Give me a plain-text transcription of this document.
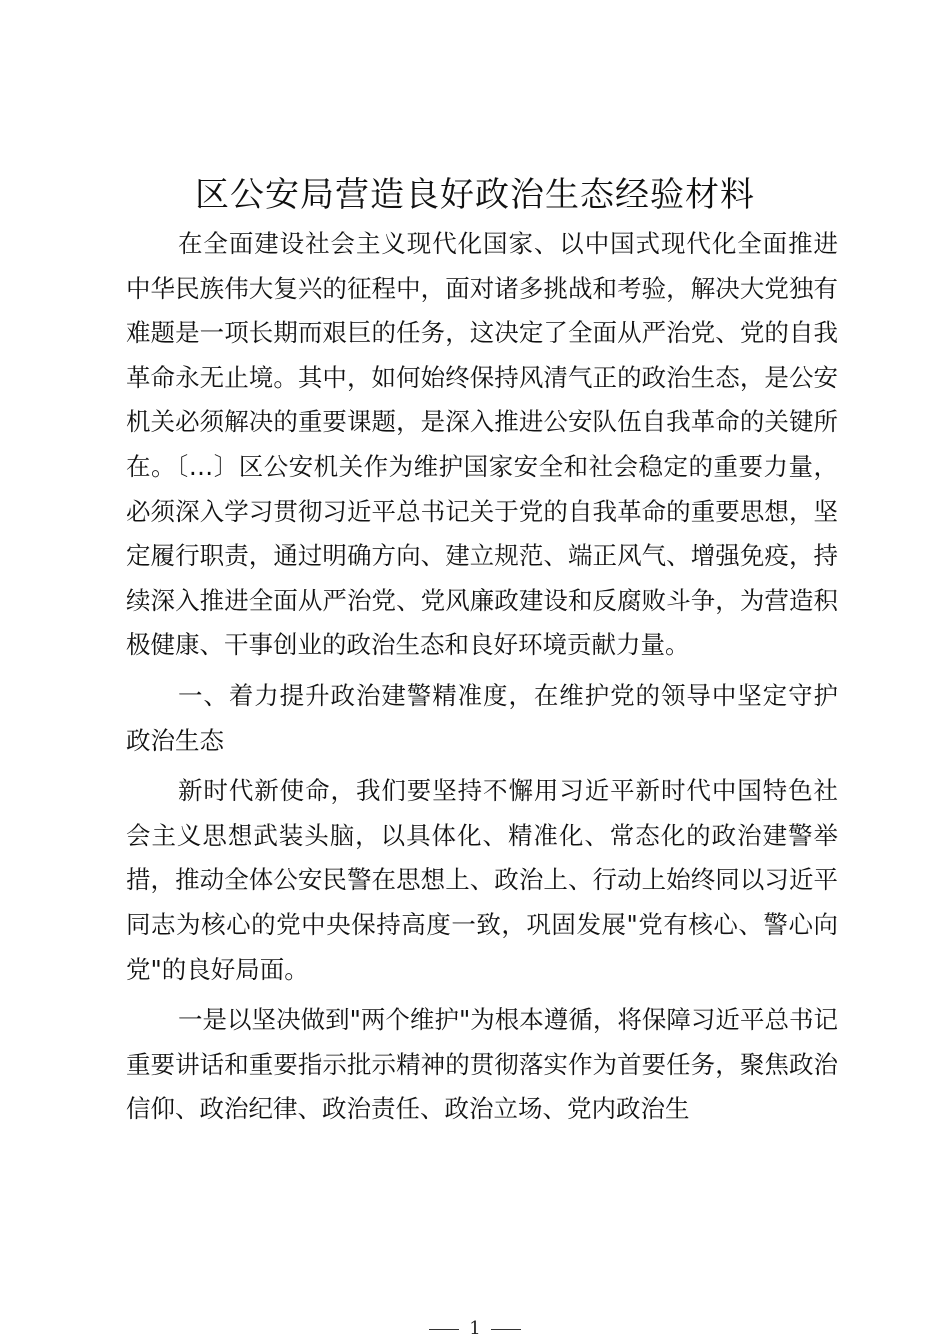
区公安局营造良好政治生态经验材料

在全面建设社会主义现代化国家、以中国式现代化全面推进中华民族伟大复兴的征程中，面对诸多挑战和考验，解决大党独有难题是一项长期而艰巨的任务，这决定了全面从严治党、党的自我革命永无止境。其中，如何始终保持风清气正的政治生态，是公安机关必须解决的重要课题，是深入推进公安队伍自我革命的关键所在。〔…〕区公安机关作为维护国家安全和社会稳定的重要力量，必须深入学习贯彻习近平总书记关于党的自我革命的重要思想，坚定履行职责，通过明确方向、建立规范、端正风气、增强免疫，持续深入推进全面从严治党、党风廉政建设和反腐败斗争，为营造积极健康、干事创业的政治生态和良好环境贡献力量。

一、着力提升政治建警精准度，在维护党的领导中坚定守护政治生态

新时代新使命，我们要坚持不懈用习近平新时代中国特色社会主义思想武装头脑，以具体化、精准化、常态化的政治建警举措，推动全体公安民警在思想上、政治上、行动上始终同以习近平同志为核心的党中央保持高度一致，巩固发展"党有核心、警心向党"的良好局面。

一是以坚决做到"两个维护"为根本遵循，将保障习近平总书记重要讲话和重要指示批示精神的贯彻落实作为首要任务，聚焦政治信仰、政治纪律、政治责任、政治立场、党内政治生

1
